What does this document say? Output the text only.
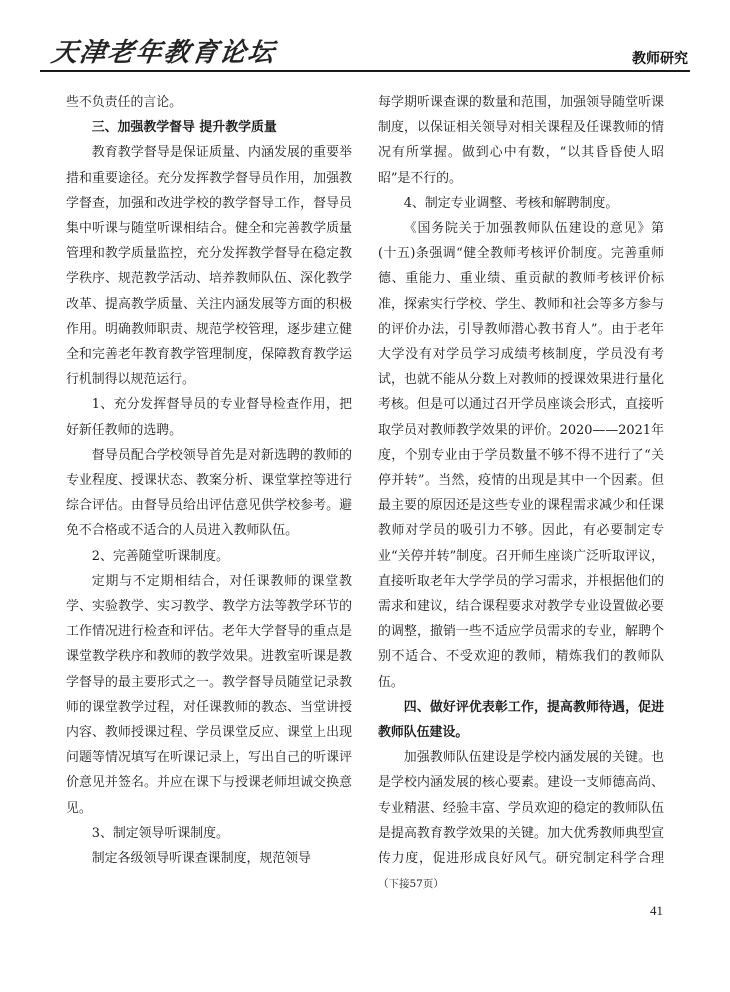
天津老年教育论坛	教师研究

些不负责任的言论。

三、加强教学督导 提升教学质量

教育教学督导是保证质量、内涵发展的重要举措和重要途径。充分发挥教学督导员作用，加强教学督查，加强和改进学校的教学督导工作，督导员集中听课与随堂听课相结合。健全和完善教学质量管理和教学质量监控，充分发挥教学督导在稳定教学秩序、规范教学活动、培养教师队伍、深化教学改革、提高教学质量、关注内涵发展等方面的积极作用。明确教师职责、规范学校管理，逐步建立健全和完善老年教育教学管理制度，保障教育教学运行机制得以规范运行。

1、充分发挥督导员的专业督导检查作用，把好新任教师的选聘。

督导员配合学校领导首先是对新选聘的教师的专业程度、授课状态、教案分析、课堂掌控等进行综合评估。由督导员给出评估意见供学校参考。避免不合格或不适合的人员进入教师队伍。

2、完善随堂听课制度。

定期与不定期相结合，对任课教师的课堂教学、实验教学、实习教学、教学方法等教学环节的工作情况进行检查和评估。老年大学督导的重点是课堂教学秩序和教师的教学效果。进教室听课是教学督导的最主要形式之一。教学督导员随堂记录教师的课堂教学过程，对任课教师的教态、当堂讲授内容、教师授课过程、学员课堂反应、课堂上出现问题等情况填写在听课记录上，写出自己的听课评价意见并签名。并应在课下与授课老师坦诚交换意见。

3、制定领导听课制度。

制定各级领导听课查课制度，规范领导

每学期听课查课的数量和范围，加强领导随堂听课制度，以保证相关领导对相关课程及任课教师的情况有所掌握。做到心中有数，“以其昏昏使人昭昭”是不行的。

4、制定专业调整、考核和解聘制度。

《国务院关于加强教师队伍建设的意见》第(十五)条强调“健全教师考核评价制度。完善重师德、重能力、重业绩、重贡献的教师考核评价标准，探索实行学校、学生、教师和社会等多方参与的评价办法，引导教师潜心教书育人”。由于老年大学没有对学员学习成绩考核制度，学员没有考试，也就不能从分数上对教师的授课效果进行量化考核。但是可以通过召开学员座谈会形式，直接听取学员对教师教学效果的评价。2020——2021年度，个别专业由于学员数量不够不得不进行了“关停并转”。当然，疫情的出现是其中一个因素。但最主要的原因还是这些专业的课程需求减少和任课教师对学员的吸引力不够。因此，有必要制定专业“关停并转”制度。召开师生座谈广泛听取评议，直接听取老年大学学员的学习需求，并根据他们的需求和建议，结合课程要求对教学专业设置做必要的调整，撤销一些不适应学员需求的专业，解聘个别不适合、不受欢迎的教师，精炼我们的教师队伍。

四、做好评优表彰工作，提高教师待遇，促进教师队伍建设。

加强教师队伍建设是学校内涵发展的关键。也是学校内涵发展的核心要素。建设一支师德高尚、专业精湛、经验丰富、学员欢迎的稳定的教师队伍是提高教育教学效果的关键。加大优秀教师典型宣传力度，促进形成良好风气。研究制定科学合理（下接57页）

41
